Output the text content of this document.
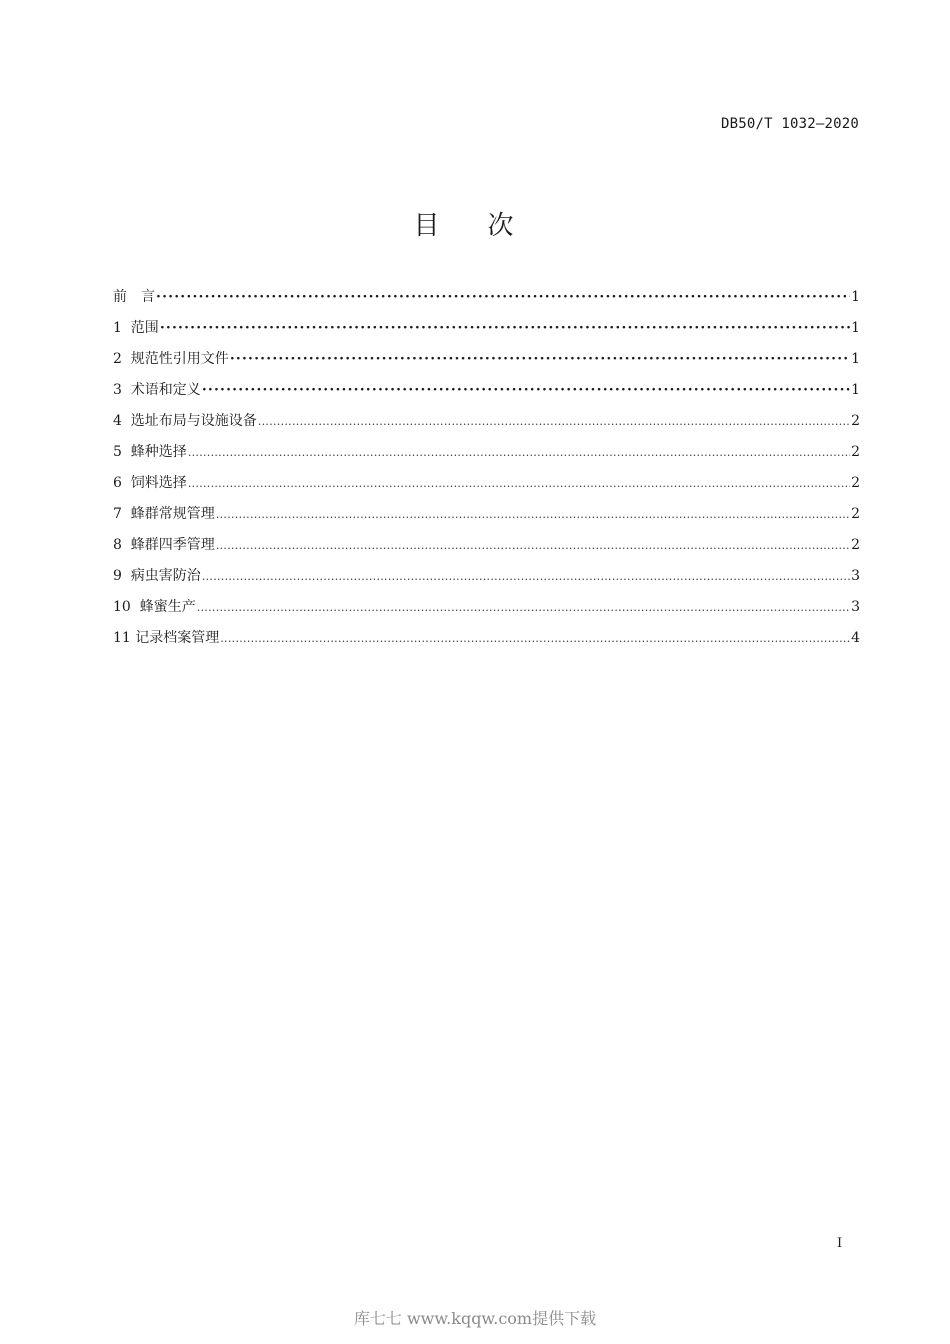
DB50/T 1032—2020
目次
前　言 ·····	1
1  范围 ·····	1
2  规范性引用文件 ·····	1
3  术语和定义 ·····	1
4  选址布局与设施设备 .....	2
5  蜂种选择 .....	2
6  饲料选择 .....	2
7  蜂群常规管理 .....	2
8  蜂群四季管理 .....	2
9  病虫害防治 .....	3
10  蜂蜜生产 .....	3
11 记录档案管理 .....	4
I
库七七 www.kqqw.com提供下载
